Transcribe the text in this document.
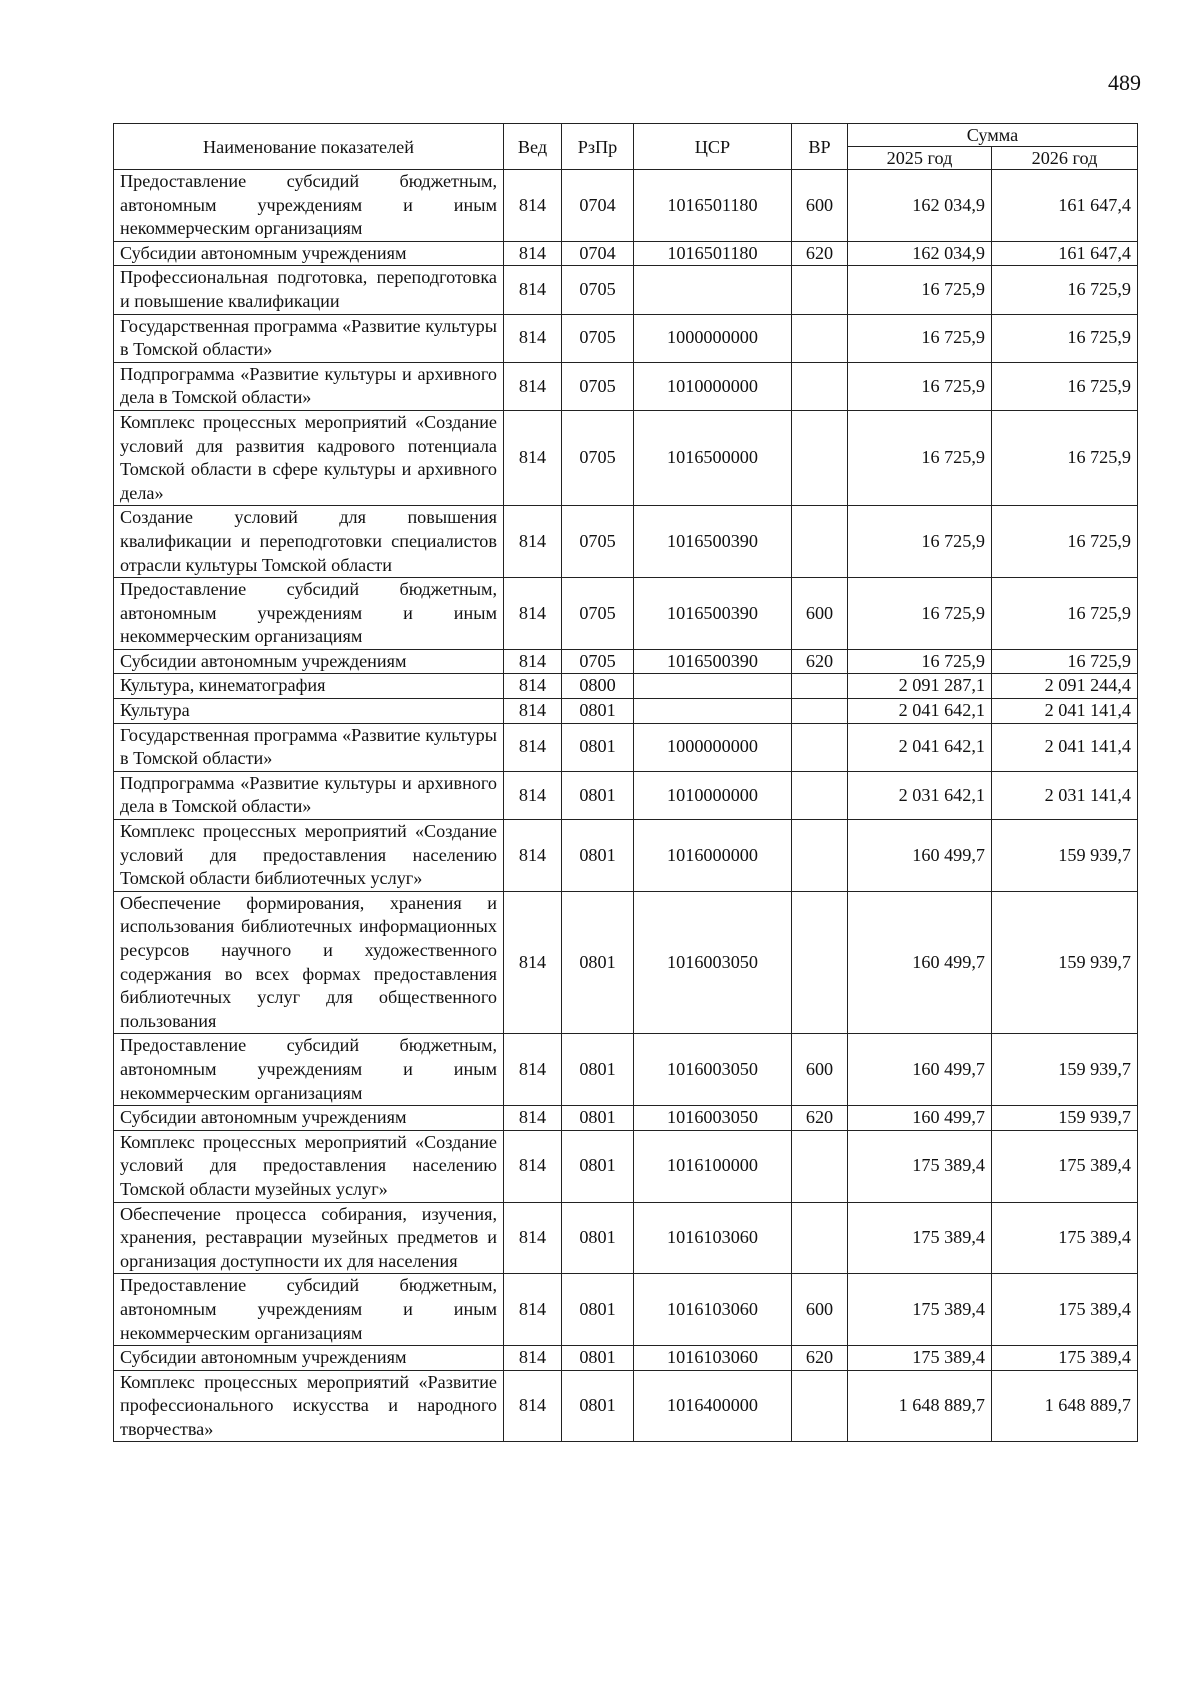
489
Наименование показателей	Вед	РзПр	ЦСР	ВР	Сумма	
					2025 год	2026 год
Предоставление субсидий бюджетным, автономным учреждениям и иным некоммерческим организациям	814	0704	1016501180	600	162 034,9	161 647,4
Субсидии автономным учреждениям	814	0704	1016501180	620	162 034,9	161 647,4
Профессиональная подготовка, переподготовка и повышение квалификации	814	0705			16 725,9	16 725,9
Государственная программа «Развитие культуры в Томской области»	814	0705	1000000000		16 725,9	16 725,9
Подпрограмма «Развитие культуры и архивного дела в Томской области»	814	0705	1010000000		16 725,9	16 725,9
Комплекс процессных мероприятий «Создание условий для развития кадрового потенциала Томской области в сфере культуры и архивного дела»	814	0705	1016500000		16 725,9	16 725,9
Создание условий для повышения квалификации и переподготовки специалистов отрасли культуры Томской области	814	0705	1016500390		16 725,9	16 725,9
Предоставление субсидий бюджетным, автономным учреждениям и иным некоммерческим организациям	814	0705	1016500390	600	16 725,9	16 725,9
Субсидии автономным учреждениям	814	0705	1016500390	620	16 725,9	16 725,9
Культура, кинематография	814	0800			2 091 287,1	2 091 244,4
Культура	814	0801			2 041 642,1	2 041 141,4
Государственная программа «Развитие культуры в Томской области»	814	0801	1000000000		2 041 642,1	2 041 141,4
Подпрограмма «Развитие культуры и архивного дела в Томской области»	814	0801	1010000000		2 031 642,1	2 031 141,4
Комплекс процессных мероприятий «Создание условий для предоставления населению Томской области библиотечных услуг»	814	0801	1016000000		160 499,7	159 939,7
Обеспечение формирования, хранения и использования библиотечных информационных ресурсов научного и художественного содержания во всех формах предоставления библиотечных услуг для общественного пользования	814	0801	1016003050		160 499,7	159 939,7
Предоставление субсидий бюджетным, автономным учреждениям и иным некоммерческим организациям	814	0801	1016003050	600	160 499,7	159 939,7
Субсидии автономным учреждениям	814	0801	1016003050	620	160 499,7	159 939,7
Комплекс процессных мероприятий «Создание условий для предоставления населению Томской области музейных услуг»	814	0801	1016100000		175 389,4	175 389,4
Обеспечение процесса собирания, изучения, хранения, реставрации музейных предметов и организация доступности их для населения	814	0801	1016103060		175 389,4	175 389,4
Предоставление субсидий бюджетным, автономным учреждениям и иным некоммерческим организациям	814	0801	1016103060	600	175 389,4	175 389,4
Субсидии автономным учреждениям	814	0801	1016103060	620	175 389,4	175 389,4
Комплекс процессных мероприятий «Развитие профессионального искусства и народного творчества»	814	0801	1016400000		1 648 889,7	1 648 889,7
